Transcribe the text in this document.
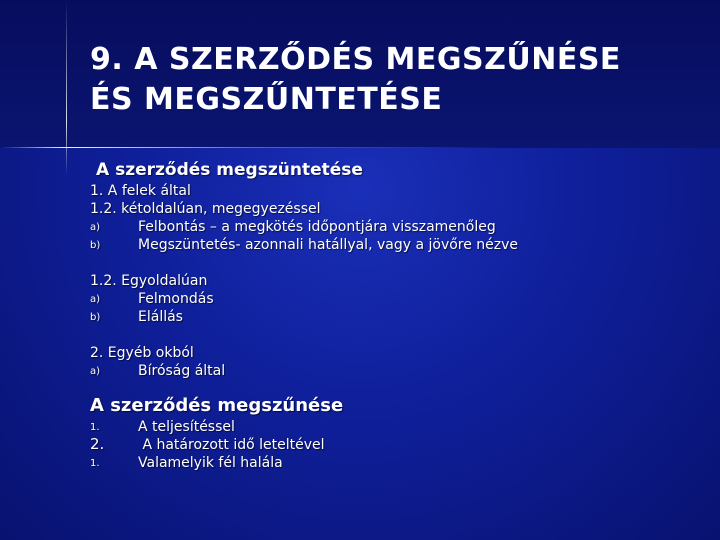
9. A SZERZŐDÉS MEGSZŰNÉSE
ÉS MEGSZŰNTETÉSE
A szerződés megszüntetése
1. A felek által
1.2. kétoldalúan, megegyezéssel
a)	Felbontás – a megkötés időpontjára visszamenőleg
b)	Megszüntetés- azonnali hatállyal, vagy a jövőre nézve
1.2. Egyoldalúan
a)	Felmondás
b)	Elállás
2. Egyéb okból
a)	Bíróság által
A szerződés megszűnése
1.	A teljesítéssel
2. A határozott idő leteltével
1.	Valamelyik fél halála
